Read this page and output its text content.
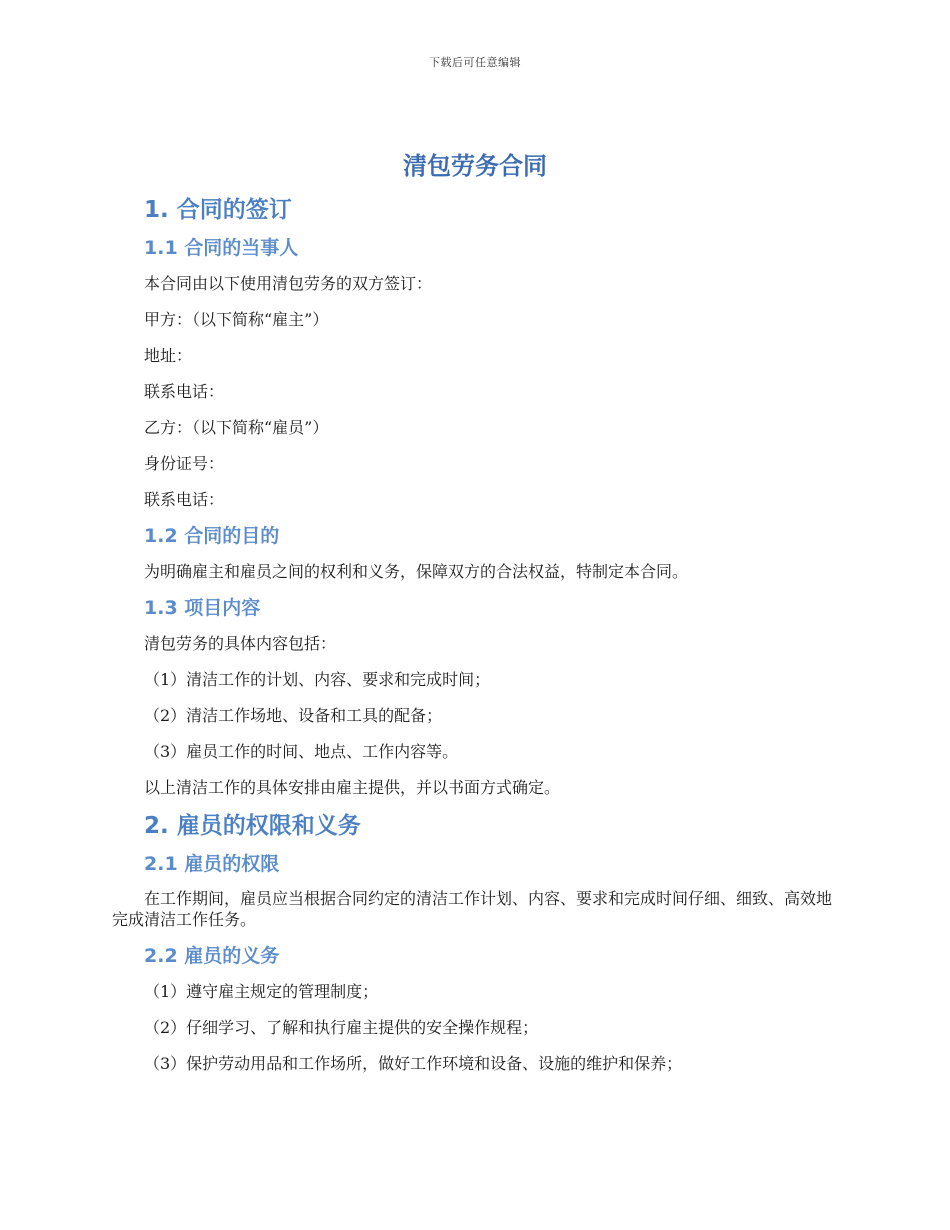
下载后可任意编辑
清包劳务合同
1. 合同的签订
1.1 合同的当事人

本合同由以下使用清包劳务的双方签订：

甲方：（以下简称“雇主”）

地址：

联系电话：

乙方：（以下简称“雇员”）

身份证号：

联系电话：

1.2 合同的目的

为明确雇主和雇员之间的权利和义务，保障双方的合法权益，特制定本合同。

1.3 项目内容

清包劳务的具体内容包括：

（1）清洁工作的计划、内容、要求和完成时间；

（2）清洁工作场地、设备和工具的配备；

（3）雇员工作的时间、地点、工作内容等。

以上清洁工作的具体安排由雇主提供，并以书面方式确定。

2. 雇员的权限和义务
2.1 雇员的权限

在工作期间，雇员应当根据合同约定的清洁工作计划、内容、要求和完成时间仔细、细致、高效地完成清洁工作任务。

2.2 雇员的义务

（1）遵守雇主规定的管理制度；

（2）仔细学习、了解和执行雇主提供的安全操作规程；

（3）保护劳动用品和工作场所，做好工作环境和设备、设施的维护和保养；
